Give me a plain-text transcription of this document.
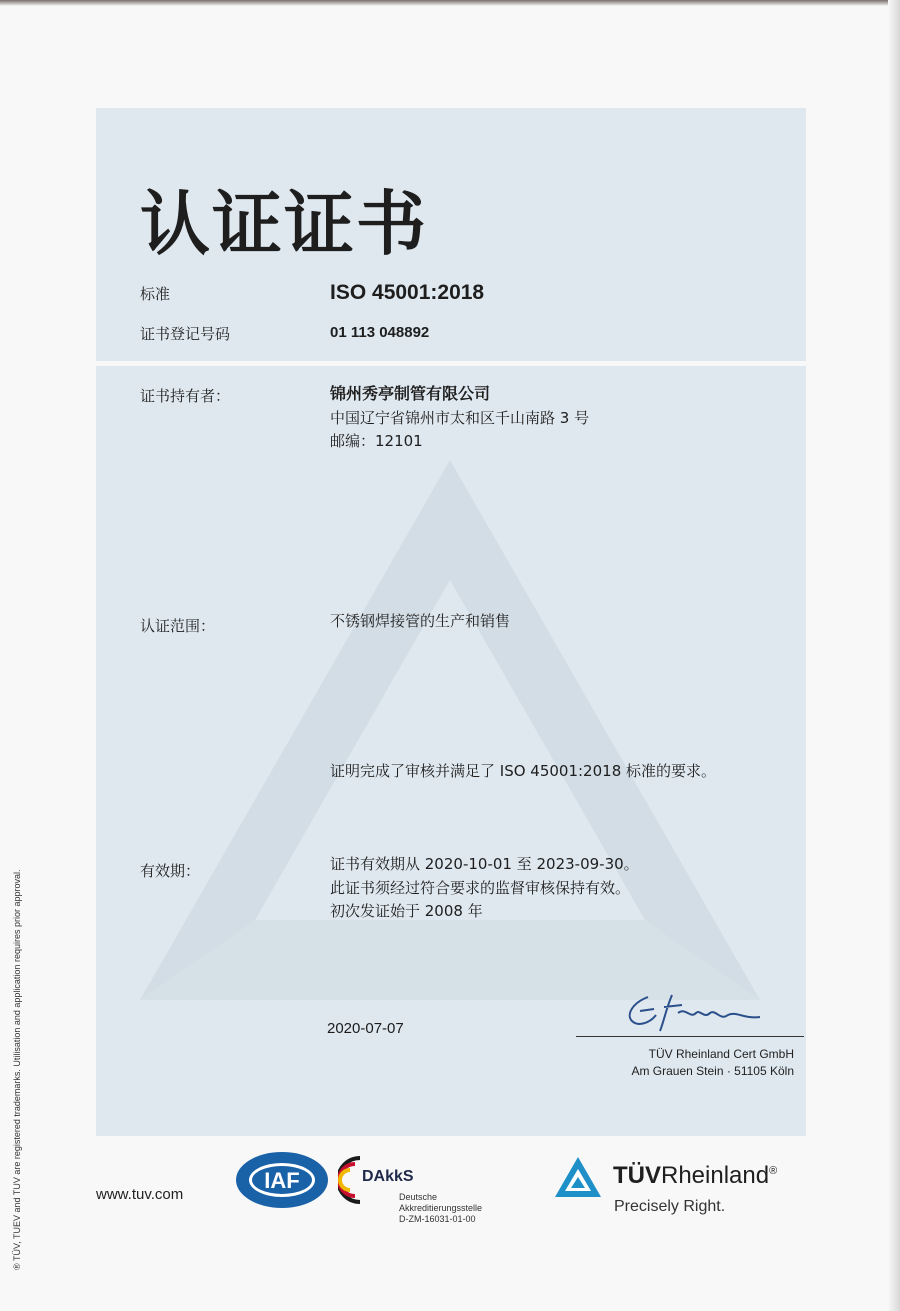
认证证书
标准	ISO 45001:2018
证书登记号码	01 113 048892
证书持有者：	锦州秀亭制管有限公司
中国辽宁省锦州市太和区千山南路 3 号
邮编：12101
认证范围：	不锈钢焊接管的生产和销售
证明完成了审核并满足了 ISO 45001:2018 标准的要求。
有效期：	证书有效期从 2020-10-01 至 2023-09-30。
此证书须经过符合要求的监督审核保持有效。
初次发证始于 2008 年
2020-07-07
TÜV Rheinland Cert GmbH
Am Grauen Stein · 51105 Köln
www.tuv.com
IAF	DAkkS
Deutsche
Akkreditierungsstelle
D-ZM-16031-01-00
TÜVRheinland®
Precisely Right.
® TÜV, TUEV and TUV are registered trademarks. Utilisation and application requires prior approval.
